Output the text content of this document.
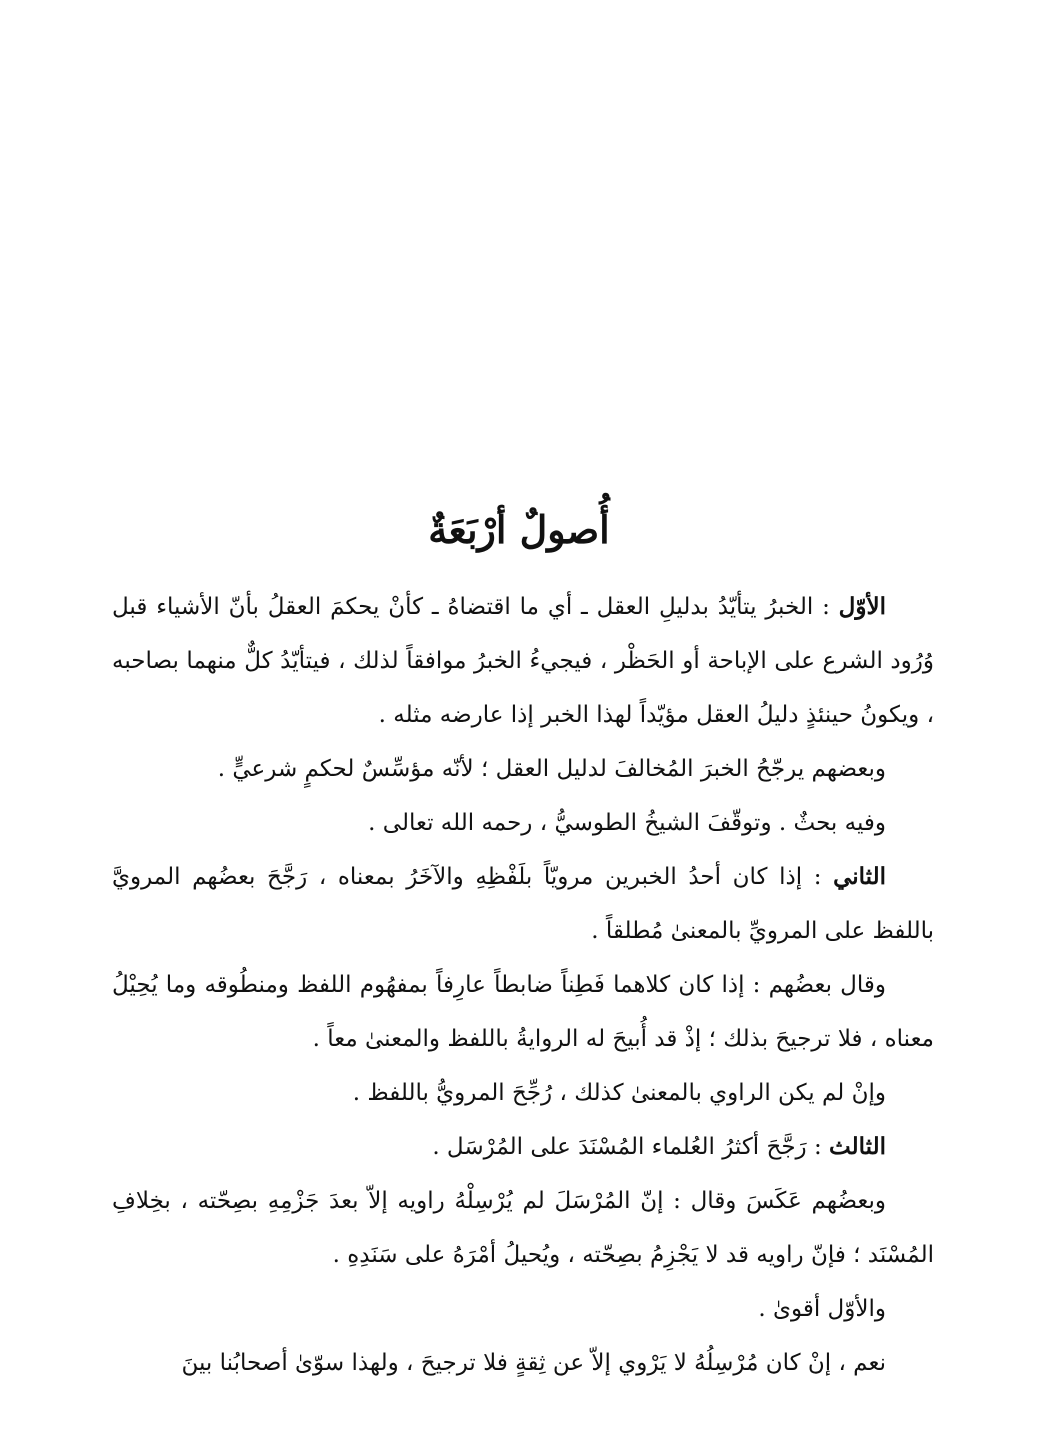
أُصولٌ أرْبَعَةٌ

الأوّل : الخبرُ يتأيّدُ بدليلِ العقل ـ أي ما اقتضاهُ ـ كأنْ يحكمَ العقلُ بأنّ الأشياء قبل وُرُود الشرع على الإباحة أو الحَظْر ، فيجيءُ الخبرُ موافقاً لذلك ، فيتأيّدُ كلٌّ منهما بصاحبه ، ويكونُ حينئذٍ دليلُ العقل مؤيّداً لهذا الخبر إذا عارضه مثله .

وبعضهم يرجّحُ الخبرَ المُخالفَ لدليل العقل ؛ لأنّه مؤسِّسٌ لحكمٍ شرعيٍّ .

وفيه بحثٌ . وتوقّفَ الشيخُ الطوسيُّ ، رحمه الله تعالى .

الثاني : إذا كان أحدُ الخبرين مرويّاً بلَفْظِهِ والآخَرُ بمعناه ، رَجَّحَ بعضُهم المرويَّ باللفظ على المرويِّ بالمعنىٰ مُطلقاً .

وقال بعضُهم : إذا كان كلاهما فَطِناً ضابطاً عارِفاً بمفهُوم اللفظ ومنطُوقه وما يُحِيْلُ معناه ، فلا ترجيحَ بذلك ؛ إذْ قد أُبيحَ له الروايةُ باللفظ والمعنىٰ معاً .

وإنْ لم يكن الراوي بالمعنىٰ كذلك ، رُجِّحَ المرويُّ باللفظ .

الثالث : رَجَّحَ أكثرُ العُلماء المُسْنَدَ على المُرْسَل .

وبعضُهم عَكَسَ وقال : إنّ المُرْسَلَ لم يُرْسِلْهُ راويه إلاّ بعدَ جَزْمِهِ بصِحّته ، بخِلافِ المُسْنَد ؛ فإنّ راويه قد لا يَجْزِمُ بصِحّته ، ويُحيلُ أمْرَهُ على سَنَدِهِ .

والأوّل أقوىٰ .

نعم ، إنْ كان مُرْسِلُهُ لا يَرْوي إلاّ عن ثِقةٍ فلا ترجيحَ ، ولهذا سوّىٰ أصحابُنا بينَ
